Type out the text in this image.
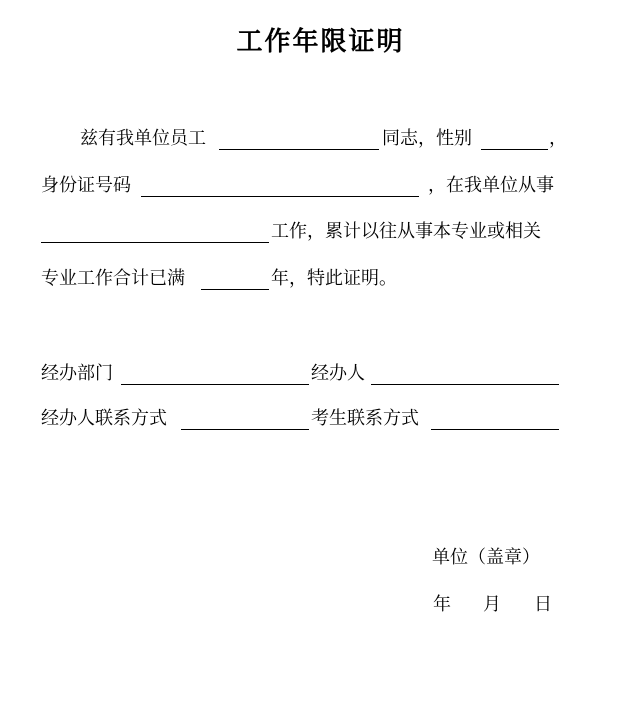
工作年限证明
兹有我单位员工	同志，性别	，
身份证号码	，在我单位从事
工作，累计以往从事本专业或相关
专业工作合计已满	年，特此证明。
经办部门	经办人
经办人联系方式	考生联系方式
单位（盖章）
年 月 日
